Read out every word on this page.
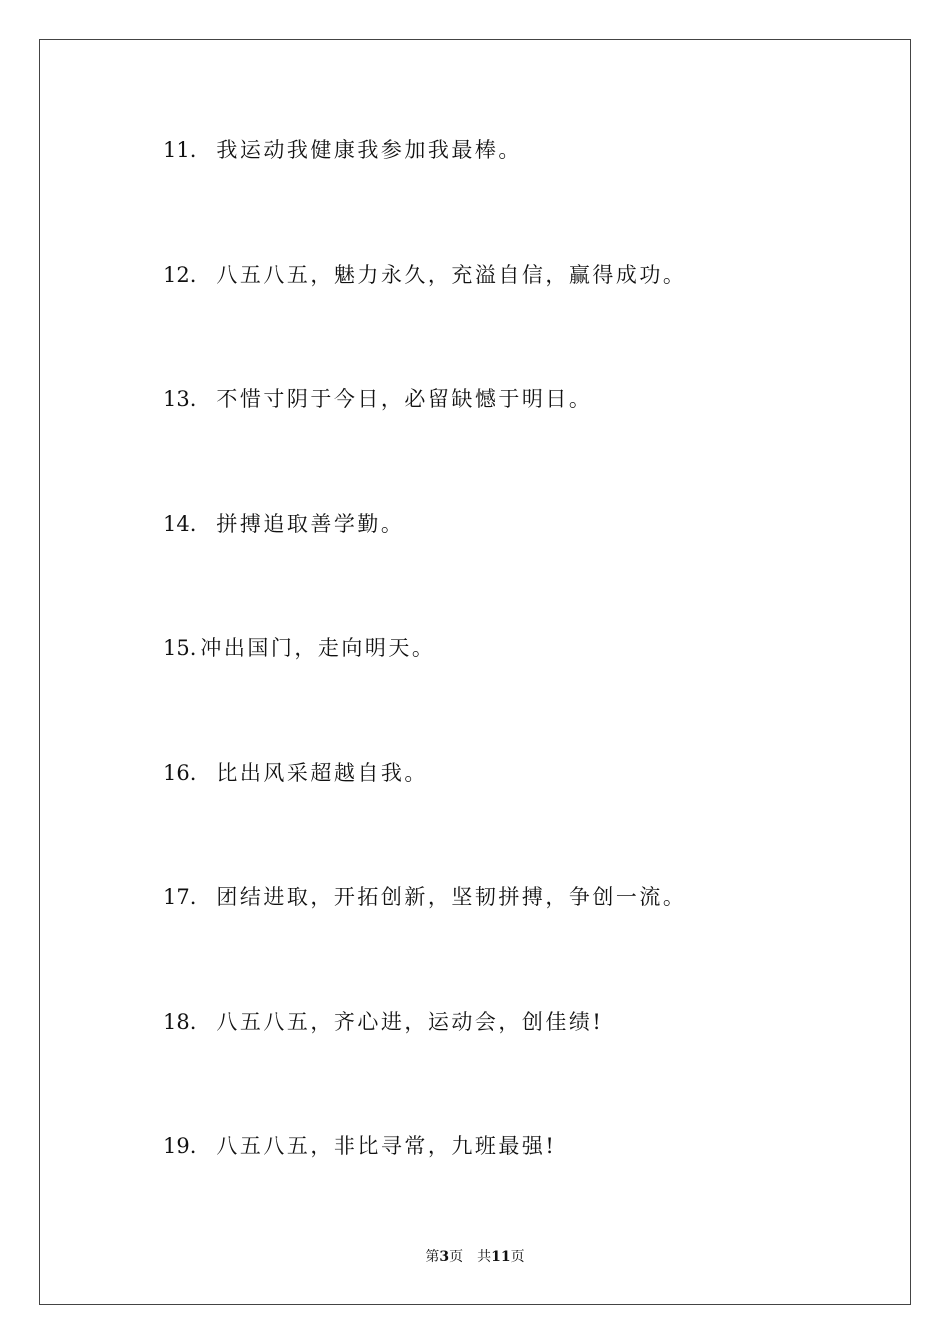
11. 我运动我健康我参加我最棒。
12. 八五八五，魅力永久，充溢自信，赢得成功。
13. 不惜寸阴于今日，必留缺憾于明日。
14. 拼搏追取善学勤。
15. 冲出国门，走向明天。
16. 比出风采超越自我。
17. 团结进取，开拓创新，坚韧拼搏，争创一流。
18. 八五八五，齐心进，运动会，创佳绩!
19. 八五八五，非比寻常，九班最强!
第3页 共11页
